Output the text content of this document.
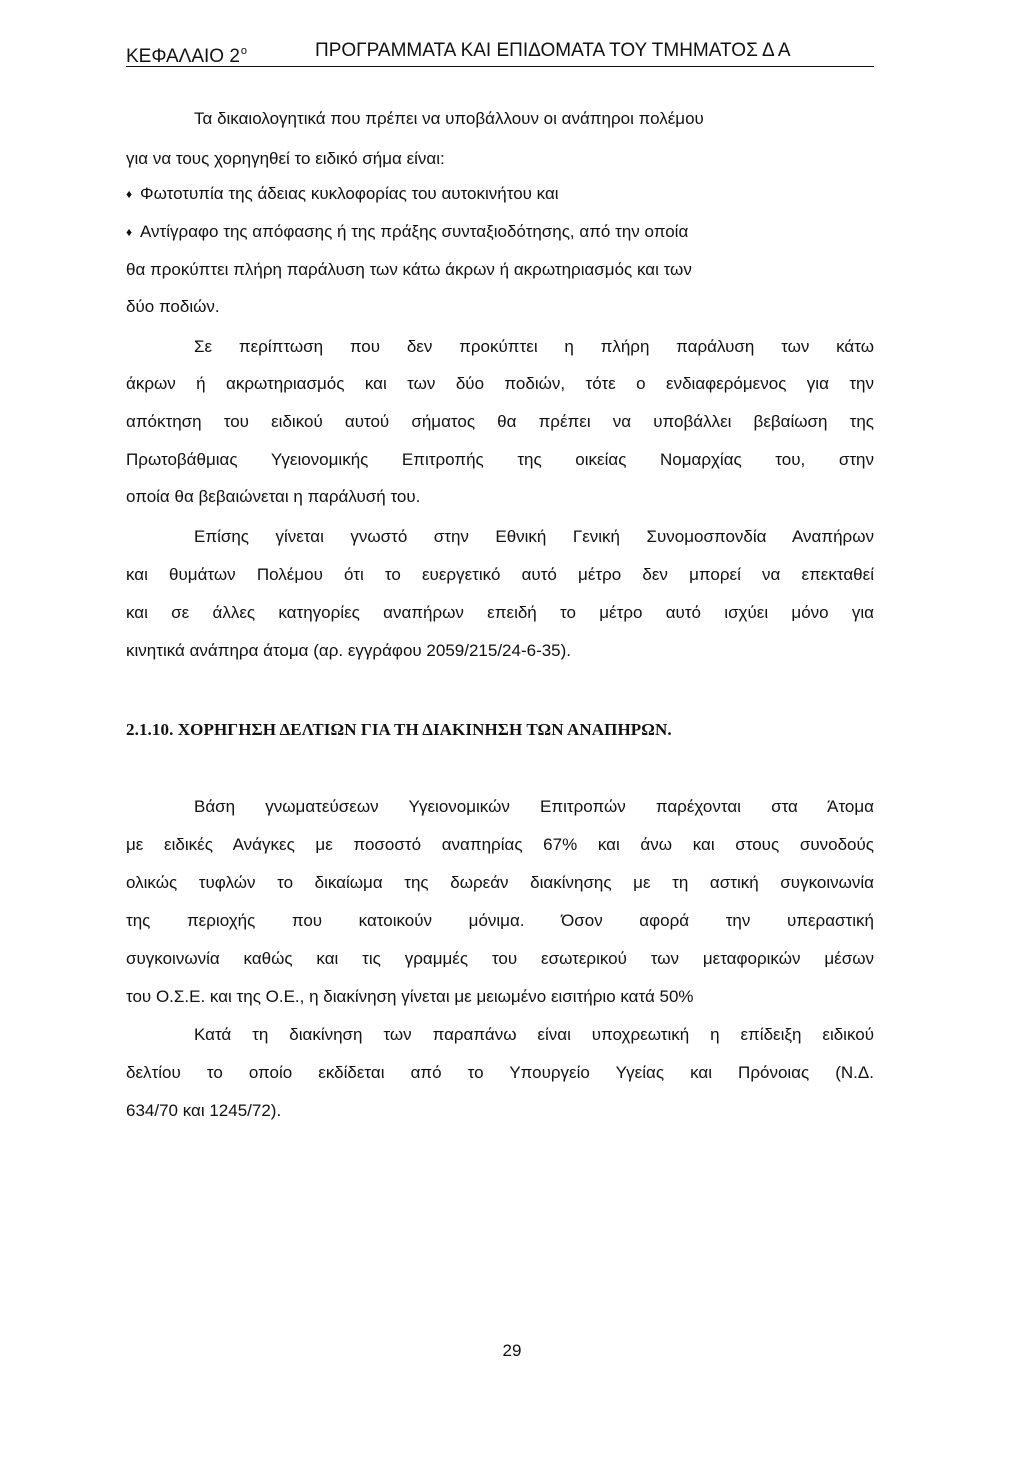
ΚΕΦΑΛΑΙΟ $2^o$	ΠΡΟΓΡΑΜΜΑΤΑ ΚΑΙ ΕΠΙΔΟΜΑΤΑ ΤΟΥ ΤΜΗΜΑΤΟΣ Δ Α
Τα δικαιολογητικά που πρέπει να υποβάλλουν οι ανάπηροι πολέμου
για να τους χορηγηθεί το ειδικό σήμα είναι:
♦ Φωτοτυπία της άδειας κυκλοφορίας του αυτοκινήτου και
♦ Αντίγραφο της απόφασης ή της πράξης συνταξιοδότησης, από την οποία
θα προκύπτει πλήρη παράλυση των κάτω άκρων ή ακρωτηριασμός και των
δύο ποδιών.
Σε περίπτωση που δεν προκύπτει η πλήρη παράλυση των κάτω
άκρων ή ακρωτηριασμός και των δύο ποδιών, τότε ο ενδιαφερόμενος για την
απόκτηση του ειδικού αυτού σήματος θα πρέπει να υποβάλλει βεβαίωση της
Πρωτοβάθμιας Υγειονομικής Επιτροπής της οικείας Νομαρχίας του, στην
οποία θα βεβαιώνεται η παράλυσή του.
Επίσης γίνεται γνωστό στην Εθνική Γενική Συνομοσπονδία Αναπήρων
και θυμάτων Πολέμου ότι το ευεργετικό αυτό μέτρο δεν μπορεί να επεκταθεί
και σε άλλες κατηγορίες αναπήρων επειδή το μέτρο αυτό ισχύει μόνο για
κινητικά ανάπηρα άτομα (αρ. εγγράφου 2059/215/24-6-35).
2.1.10. ΧΟΡΗΓΗΣΗ ΔΕΛΤΙΩΝ ΓΙΑ ΤΗ ΔΙΑΚΙΝΗΣΗ ΤΩΝ ΑΝΑΠΗΡΩΝ.
Βάση γνωματεύσεων Υγειονομικών Επιτροπών παρέχονται στα Άτομα
με ειδικές Ανάγκες με ποσοστό αναπηρίας 67% και άνω και στους συνοδούς
ολικώς τυφλών το δικαίωμα της δωρεάν διακίνησης με τη αστική συγκοινωνία
της περιοχής που κατοικούν μόνιμα. Όσον αφορά την υπεραστική
συγκοινωνία καθώς και τις γραμμές του εσωτερικού των μεταφορικών μέσων
του Ο.Σ.Ε. και της Ο.Ε., η διακίνηση γίνεται με μειωμένο εισιτήριο κατά 50%
Κατά τη διακίνηση των παραπάνω είναι υποχρεωτική η επίδειξη ειδικού
δελτίου το οποίο εκδίδεται από το Υπουργείο Υγείας και Πρόνοιας (Ν.Δ.
634/70 και 1245/72).
29
